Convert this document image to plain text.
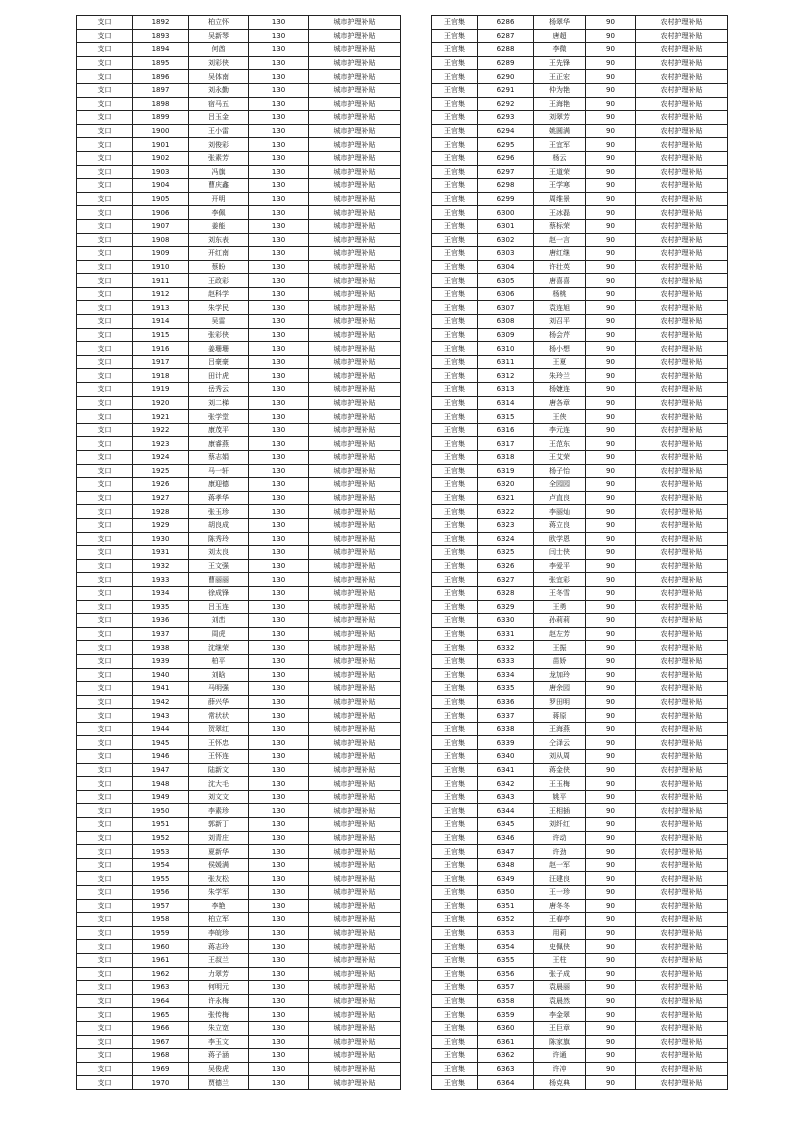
支口	1892	柏立怀	130	城市护理补贴
支口	1893	吴新琴	130	城市护理补贴
支口	1894	何酋	130	城市护理补贴
支口	1895	刘彩侠	130	城市护理补贴
支口	1896	吴体南	130	城市护理补贴
支口	1897	刘永勤	130	城市护理补贴
支口	1898	宿马五	130	城市护理补贴
支口	1899	吕玉金	130	城市护理补贴
支口	1900	王小雷	130	城市护理补贴
支口	1901	刘俊彩	130	城市护理补贴
支口	1902	张素芳	130	城市护理补贴
支口	1903	冯旗	130	城市护理补贴
支口	1904	曹庆鑫	130	城市护理补贴
支口	1905	开明	130	城市护理补贴
支口	1906	李佩	130	城市护理补贴
支口	1907	姜能	130	城市护理补贴
支口	1908	刘东表	130	城市护理补贴
支口	1909	开红南	130	城市护理补贴
支口	1910	蔡盼	130	城市护理补贴
支口	1911	王政彩	130	城市护理补贴
支口	1912	赵科学	130	城市护理补贴
支口	1913	朱学民	130	城市护理补贴
支口	1914	吴雷	130	城市护理补贴
支口	1915	张彩侠	130	城市护理补贴
支口	1916	姜珊珊	130	城市护理补贴
支口	1917	吕豪豪	130	城市护理补贴
支口	1918	田计虎	130	城市护理补贴
支口	1919	岳秀云	130	城市护理补贴
支口	1920	刘二梯	130	城市护理补贴
支口	1921	张学堂	130	城市护理补贴
支口	1922	康茂平	130	城市护理补贴
支口	1923	康睿燕	130	城市护理补贴
支口	1924	蔡志娟	130	城市护理补贴
支口	1925	马一轩	130	城市护理补贴
支口	1926	康迎德	130	城市护理补贴
支口	1927	蒋孝华	130	城市护理补贴
支口	1928	张玉珍	130	城市护理补贴
支口	1929	胡良成	130	城市护理补贴
支口	1930	陈秀玲	130	城市护理补贴
支口	1931	刘太良	130	城市护理补贴
支口	1932	王文强	130	城市护理补贴
支口	1933	曹丽丽	130	城市护理补贴
支口	1934	徐成锋	130	城市护理补贴
支口	1935	吕玉连	130	城市护理补贴
支口	1936	刘峦	130	城市护理补贴
支口	1937	周虎	130	城市护理补贴
支口	1938	沈继荣	130	城市护理补贴
支口	1939	柏平	130	城市护理补贴
支口	1940	刘晗	130	城市护理补贴
支口	1941	马明强	130	城市护理补贴
支口	1942	薛兴华	130	城市护理补贴
支口	1943	常状状	130	城市护理补贴
支口	1944	贺翠红	130	城市护理补贴
支口	1945	王怀忠	130	城市护理补贴
支口	1946	王怀连	130	城市护理补贴
支口	1947	陆新文	130	城市护理补贴
支口	1948	沈大毛	130	城市护理补贴
支口	1949	刘文文	130	城市护理补贴
支口	1950	李素珍	130	城市护理补贴
支口	1951	郭新丁	130	城市护理补贴
支口	1952	刘青庄	130	城市护理补贴
支口	1953	夏新华	130	城市护理补贴
支口	1954	侯媛满	130	城市护理补贴
支口	1955	张友松	130	城市护理补贴
支口	1956	朱学军	130	城市护理补贴
支口	1957	李艳	130	城市护理补贴
支口	1958	柏立军	130	城市护理补贴
支口	1959	李皖珍	130	城市护理补贴
支口	1960	蒋志玲	130	城市护理补贴
支口	1961	王叔兰	130	城市护理补贴
支口	1962	力翠芳	130	城市护理补贴
支口	1963	何明元	130	城市护理补贴
支口	1964	许永梅	130	城市护理补贴
支口	1965	张传梅	130	城市护理补贴
支口	1966	朱立宽	130	城市护理补贴
支口	1967	李玉文	130	城市护理补贴
支口	1968	蒋子涵	130	城市护理补贴
支口	1969	吴俊虎	130	城市护理补贴
支口	1970	贾德兰	130	城市护理补贴
王官集	6286	杨翠华	90	农村护理补贴
王官集	6287	唐超	90	农村护理补贴
王官集	6288	李微	90	农村护理补贴
王官集	6289	王先锋	90	农村护理补贴
王官集	6290	王正宏	90	农村护理补贴
王官集	6291	仲为艳	90	农村护理补贴
王官集	6292	王海艳	90	农村护理补贴
王官集	6293	刘翠芳	90	农村护理补贴
王官集	6294	姚圆满	90	农村护理补贴
王官集	6295	王宜军	90	农村护理补贴
王官集	6296	杨云	90	农村护理补贴
王官集	6297	王道荣	90	农村护理补贴
王官集	6298	王学寒	90	农村护理补贴
王官集	6299	周维景	90	农村护理补贴
王官集	6300	王冰磊	90	农村护理补贴
王官集	6301	蔡标荣	90	农村护理补贴
王官集	6302	赵一言	90	农村护理补贴
王官集	6303	唐红继	90	农村护理补贴
王官集	6304	许壮英	90	农村护理补贴
王官集	6305	唐喜喜	90	农村护理补贴
王官集	6306	杨桃	90	农村护理补贴
王官集	6307	袁连旭	90	农村护理补贴
王官集	6308	刘召平	90	农村护理补贴
王官集	6309	杨会芹	90	农村护理补贴
王官集	6310	杨小想	90	农村护理补贴
王官集	6311	王夏	90	农村护理补贴
王官集	6312	朱玲兰	90	农村护理补贴
王官集	6313	杨婕连	90	农村护理补贴
王官集	6314	唐各章	90	农村护理补贴
王官集	6315	王侠	90	农村护理补贴
王官集	6316	李元连	90	农村护理补贴
王官集	6317	王范东	90	农村护理补贴
王官集	6318	王艾荣	90	农村护理补贴
王官集	6319	杨子怡	90	农村护理补贴
王官集	6320	全园园	90	农村护理补贴
王官集	6321	卢直良	90	农村护理补贴
王官集	6322	李丽灿	90	农村护理补贴
王官集	6323	蒋立良	90	农村护理补贴
王官集	6324	欧学恩	90	农村护理补贴
王官集	6325	闫士侠	90	农村护理补贴
王官集	6326	李爱平	90	农村护理补贴
王官集	6327	张宜彩	90	农村护理补贴
王官集	6328	王冬雪	90	农村护理补贴
王官集	6329	王勇	90	农村护理补贴
王官集	6330	孙莉莉	90	农村护理补贴
王官集	6331	赵左芳	90	农村护理补贴
王官集	6332	王振	90	农村护理补贴
王官集	6333	苗娇	90	农村护理补贴
王官集	6334	龙加玲	90	农村护理补贴
王官集	6335	唐余园	90	农村护理补贴
王官集	6336	罗田明	90	农村护理补贴
王官集	6337	蒋原	90	农村护理补贴
王官集	6338	王海燕	90	农村护理补贴
王官集	6339	仝泽云	90	农村护理补贴
王官集	6340	刘从周	90	农村护理补贴
王官集	6341	蒋金侠	90	农村护理补贴
王官集	6342	王玉梅	90	农村护理补贴
王官集	6343	姚平	90	农村护理补贴
王官集	6344	王相插	90	农村护理补贴
王官集	6345	刘纤红	90	农村护理补贴
王官集	6346	许动	90	农村护理补贴
王官集	6347	许劲	90	农村护理补贴
王官集	6348	赵一军	90	农村护理补贴
王官集	6349	汪建良	90	农村护理补贴
王官集	6350	王一珍	90	农村护理补贴
王官集	6351	唐冬冬	90	农村护理补贴
王官集	6352	王春亭	90	农村护理补贴
王官集	6353	用莉	90	农村护理补贴
王官集	6354	史佩侠	90	农村护理补贴
王官集	6355	王柱	90	农村护理补贴
王官集	6356	张子成	90	农村护理补贴
王官集	6357	袁晨丽	90	农村护理补贴
王官集	6358	袁晨然	90	农村护理补贴
王官集	6359	李金翠	90	农村护理补贴
王官集	6360	王巨章	90	农村护理补贴
王官集	6361	陈家旗	90	农村护理补贴
王官集	6362	许通	90	农村护理补贴
王官集	6363	许冲	90	农村护理补贴
王官集	6364	杨克典	90	农村护理补贴
